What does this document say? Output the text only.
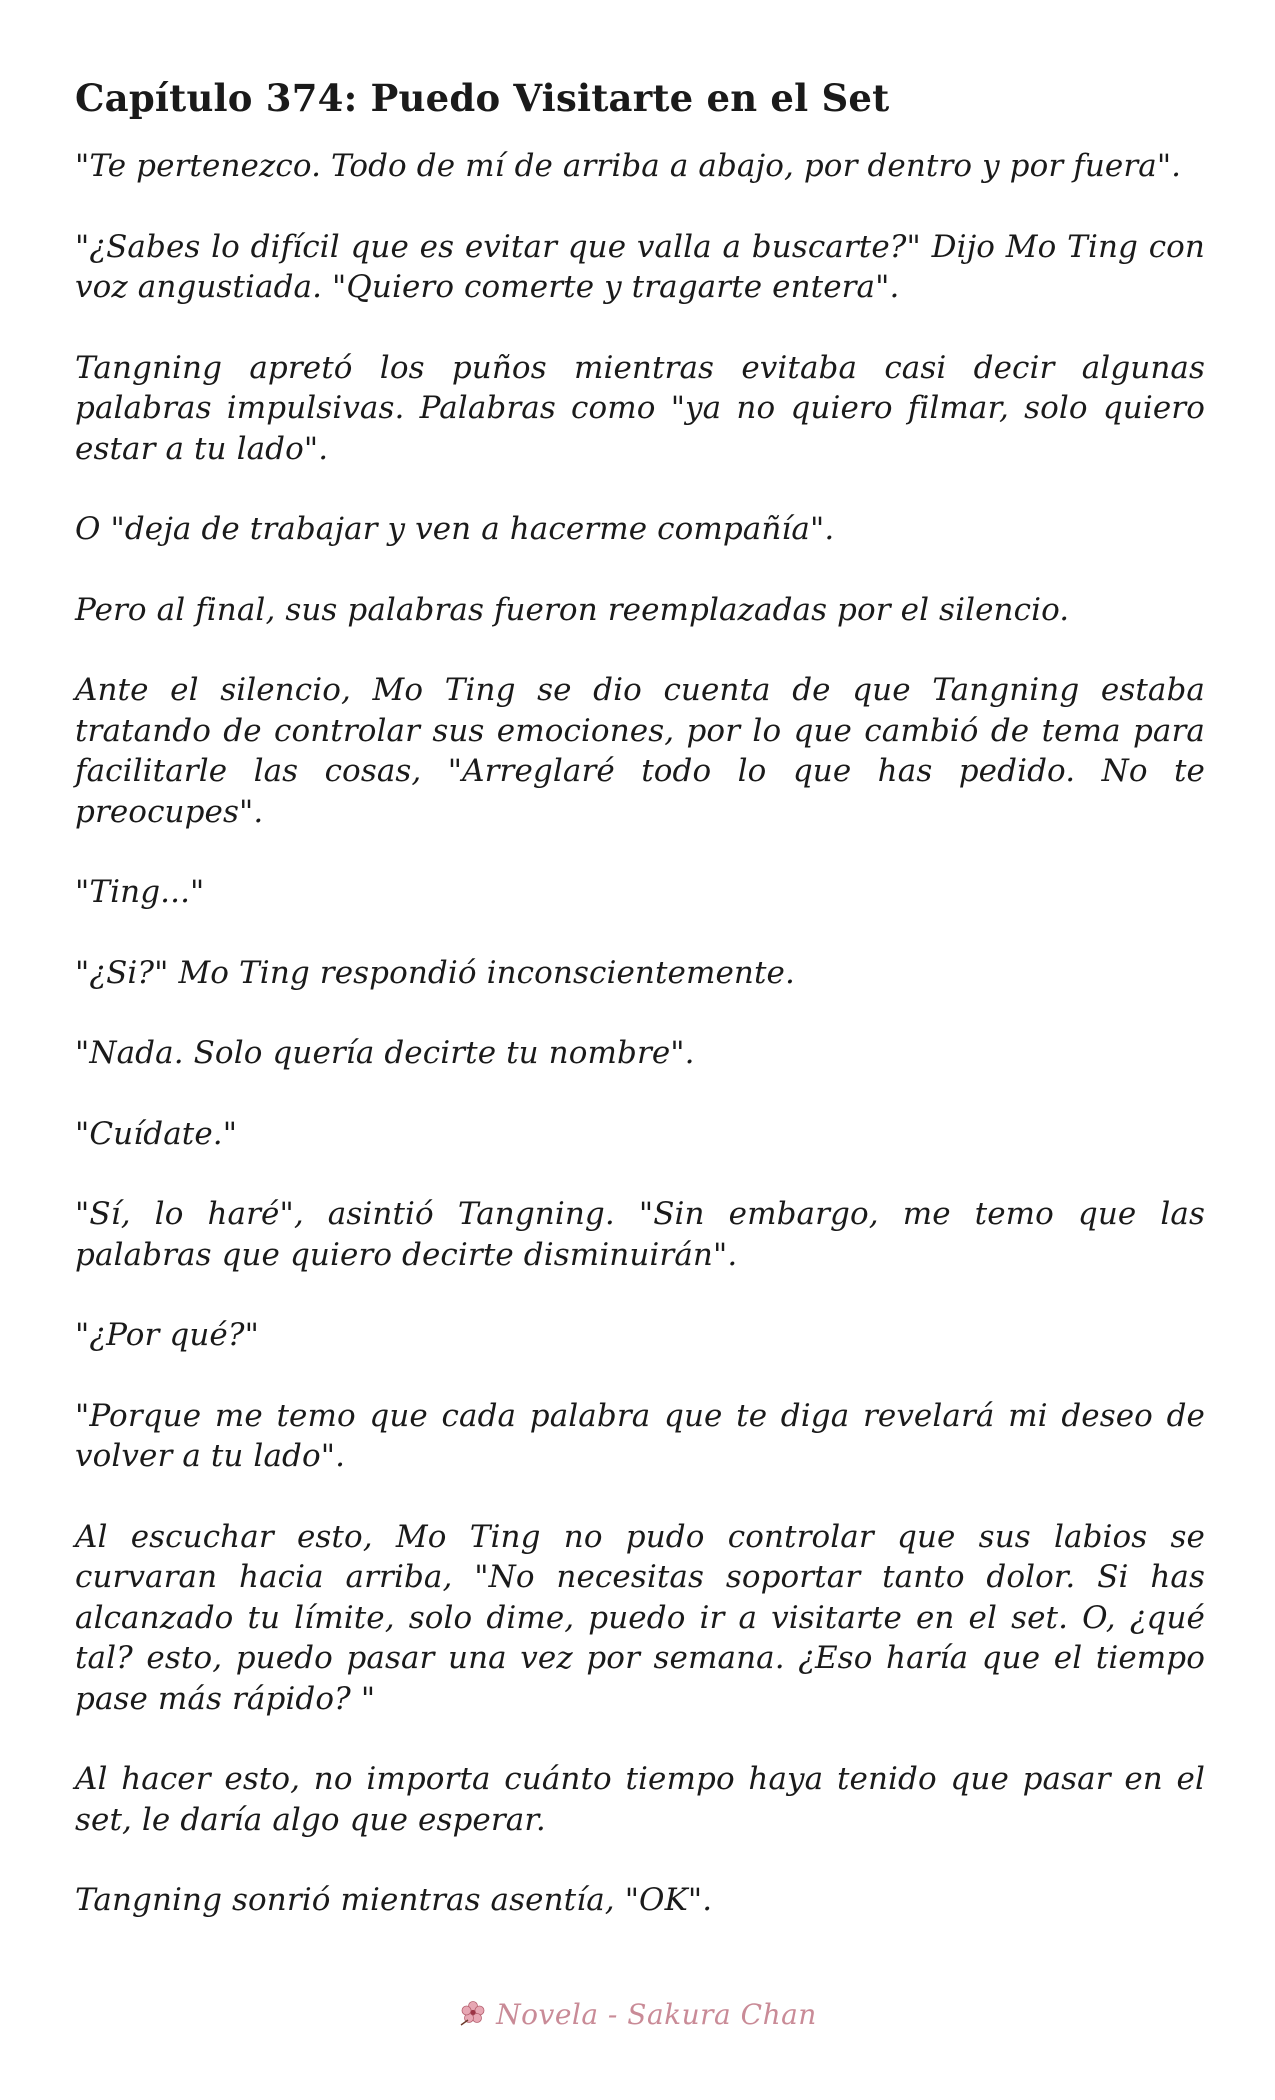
Capítulo 374: Puedo Visitarte en el Set

"Te pertenezco. Todo de mí de arriba a abajo, por dentro y por fuera".

"¿Sabes lo difícil que es evitar que valla a buscarte?" Dijo Mo Ting con voz angustiada. "Quiero comerte y tragarte entera".

Tangning apretó los puños mientras evitaba casi decir algunas palabras impulsivas. Palabras como "ya no quiero filmar, solo quiero estar a tu lado".

O "deja de trabajar y ven a hacerme compañía".

Pero al final, sus palabras fueron reemplazadas por el silencio.

Ante el silencio, Mo Ting se dio cuenta de que Tangning estaba tratando de controlar sus emociones, por lo que cambió de tema para facilitarle las cosas, "Arreglaré todo lo que has pedido. No te preocupes".

"Ting..."

"¿Si?" Mo Ting respondió inconscientemente.

"Nada. Solo quería decirte tu nombre".

"Cuídate."

"Sí, lo haré", asintió Tangning. "Sin embargo, me temo que las palabras que quiero decirte disminuirán".

"¿Por qué?"

"Porque me temo que cada palabra que te diga revelará mi deseo de volver a tu lado".

Al escuchar esto, Mo Ting no pudo controlar que sus labios se curvaran hacia arriba, "No necesitas soportar tanto dolor. Si has alcanzado tu límite, solo dime, puedo ir a visitarte en el set. O, ¿qué tal? esto, puedo pasar una vez por semana. ¿Eso haría que el tiempo pase más rápido? "

Al hacer esto, no importa cuánto tiempo haya tenido que pasar en el set, le daría algo que esperar.

Tangning sonrió mientras asentía, "OK".

Novela - Sakura Chan
